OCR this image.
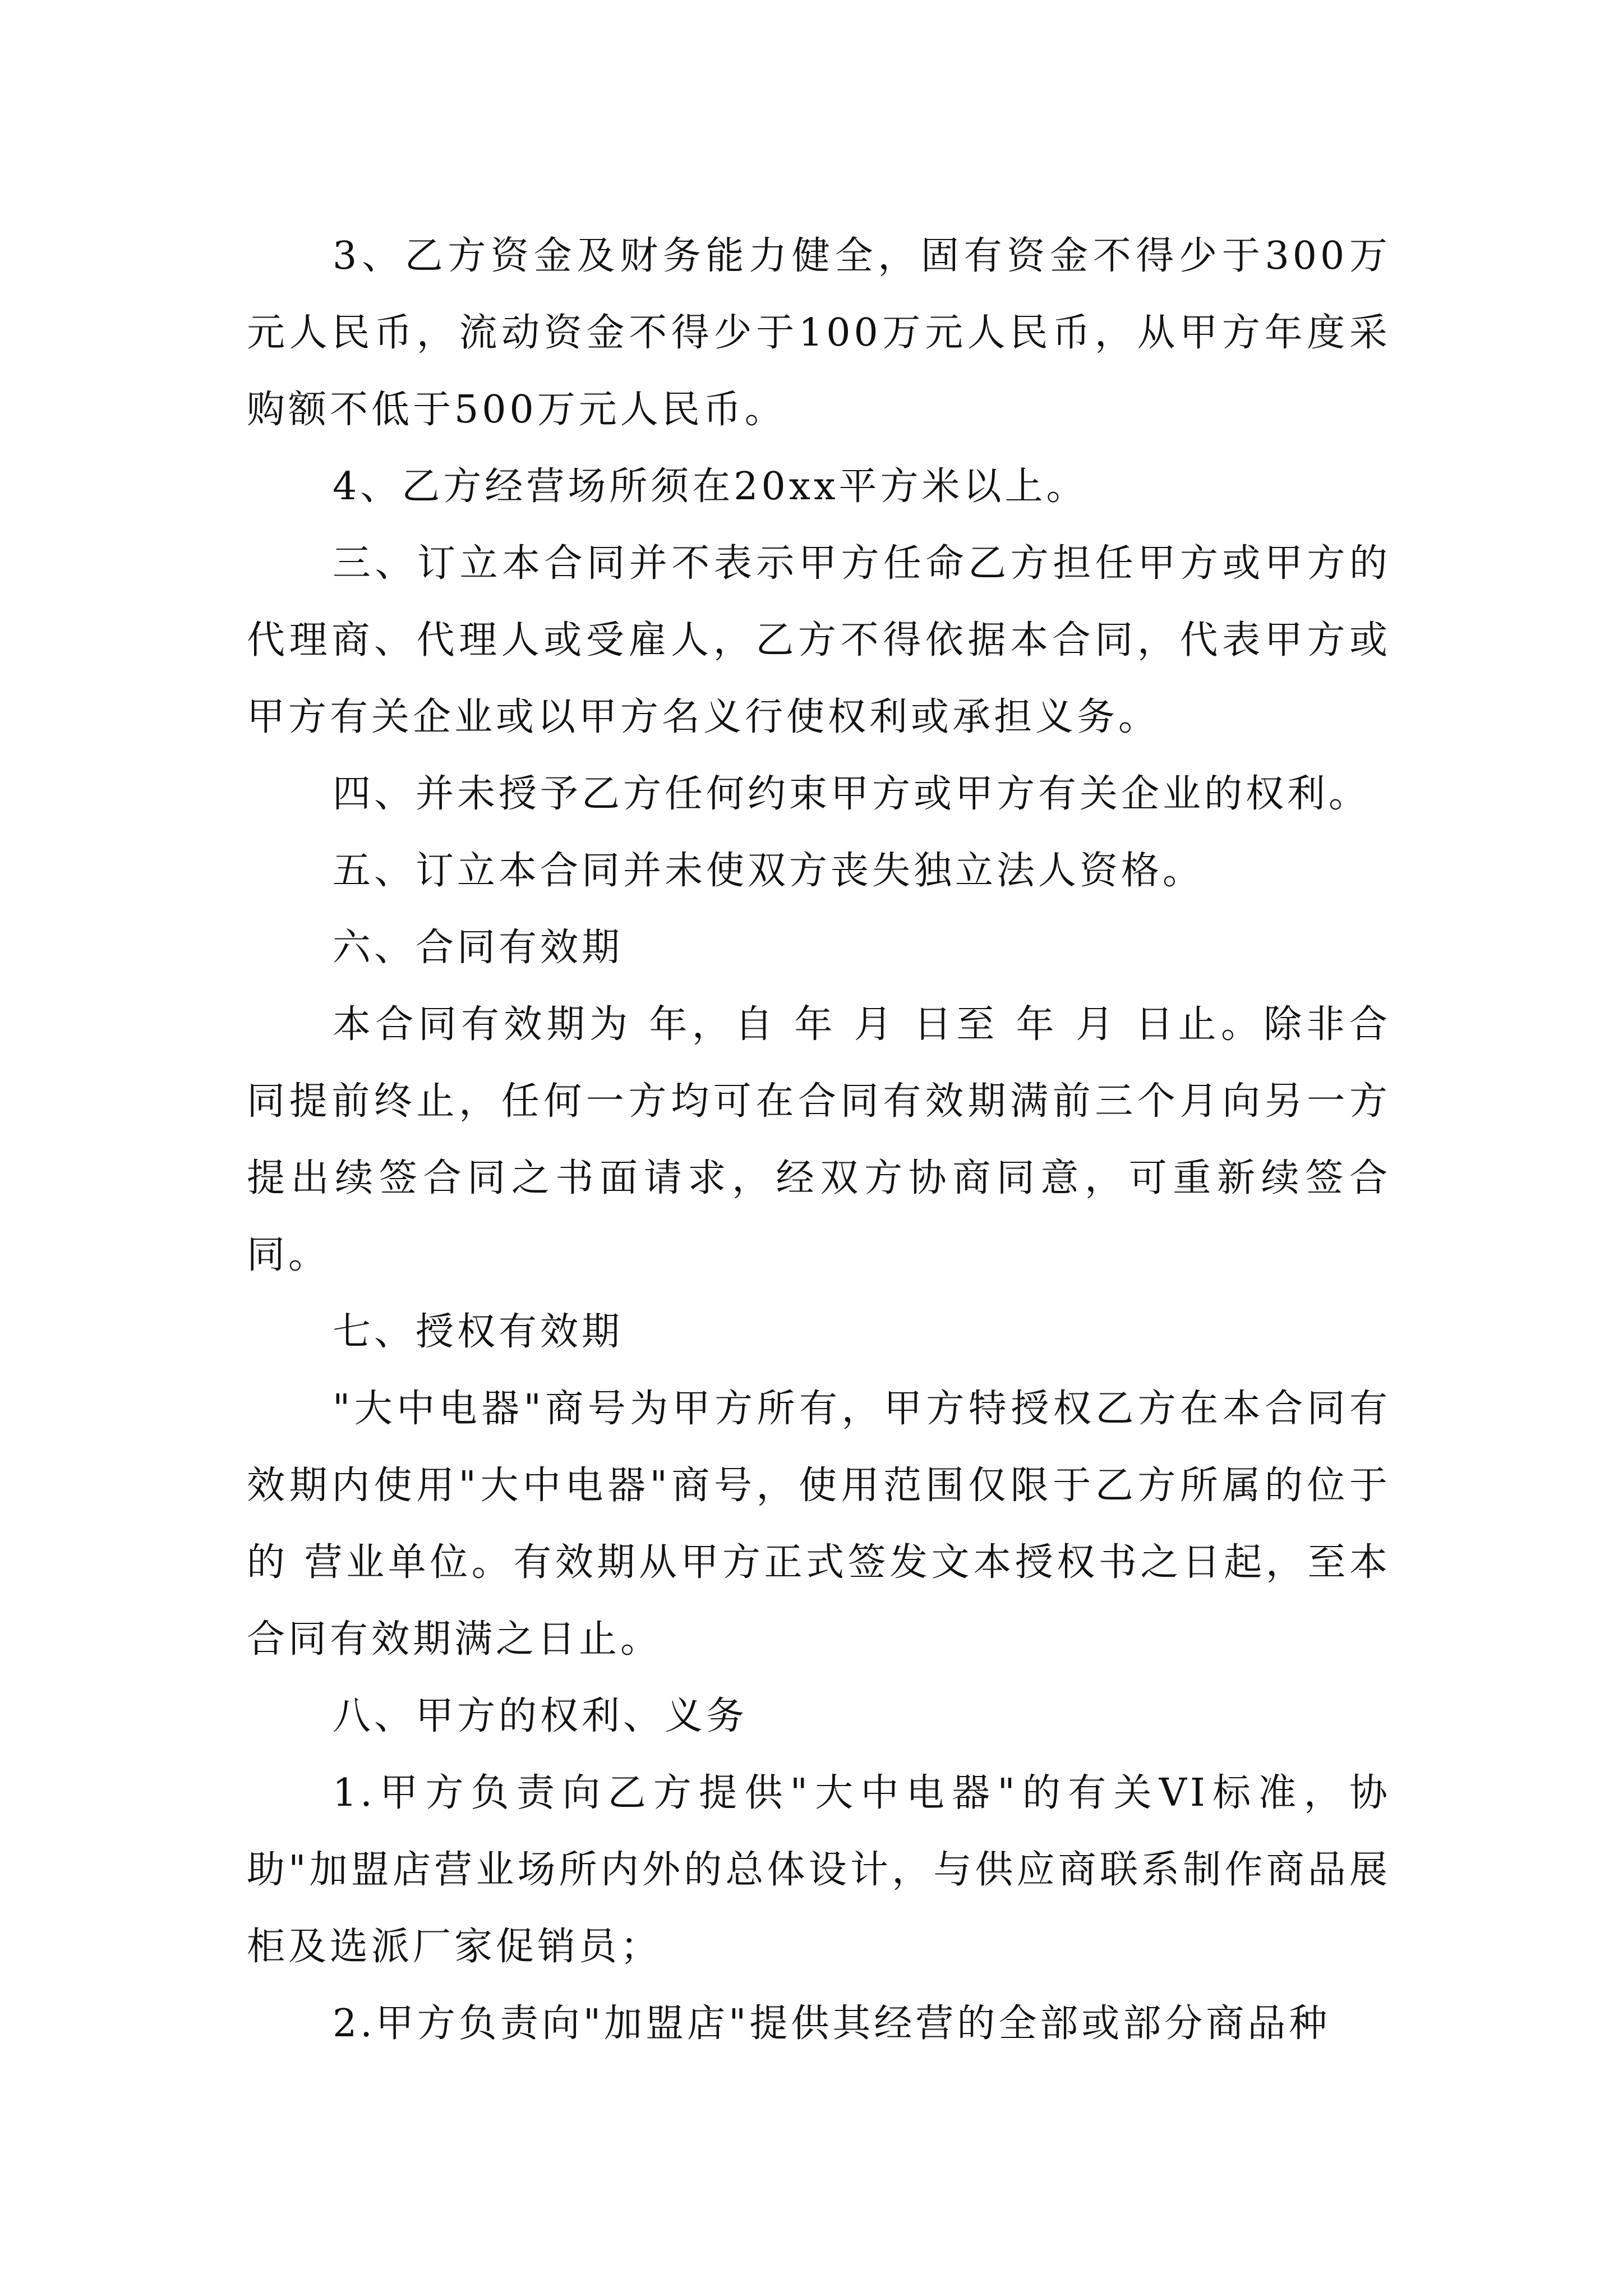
3、乙方资金及财务能力健全，固有资金不得少于300万元人民币，流动资金不得少于100万元人民币，从甲方年度采购额不低于500万元人民币。

4、乙方经营场所须在20xx平方米以上。

三、订立本合同并不表示甲方任命乙方担任甲方或甲方的代理商、代理人或受雇人，乙方不得依据本合同，代表甲方或甲方有关企业或以甲方名义行使权利或承担义务。

四、并未授予乙方任何约束甲方或甲方有关企业的权利。

五、订立本合同并未使双方丧失独立法人资格。

六、合同有效期

本合同有效期为 年，自 年 月 日至 年 月 日止。除非合同提前终止，任何一方均可在合同有效期满前三个月向另一方提出续签合同之书面请求，经双方协商同意，可重新续签合同。

七、授权有效期

"大中电器"商号为甲方所有，甲方特授权乙方在本合同有效期内使用"大中电器"商号，使用范围仅限于乙方所属的位于 的 营业单位。有效期从甲方正式签发文本授权书之日起，至本合同有效期满之日止。

八、甲方的权利、义务

1.甲方负责向乙方提供"大中电器"的有关VI标准，协助"加盟店营业场所内外的总体设计，与供应商联系制作商品展柜及选派厂家促销员；

2.甲方负责向"加盟店"提供其经营的全部或部分商品种
